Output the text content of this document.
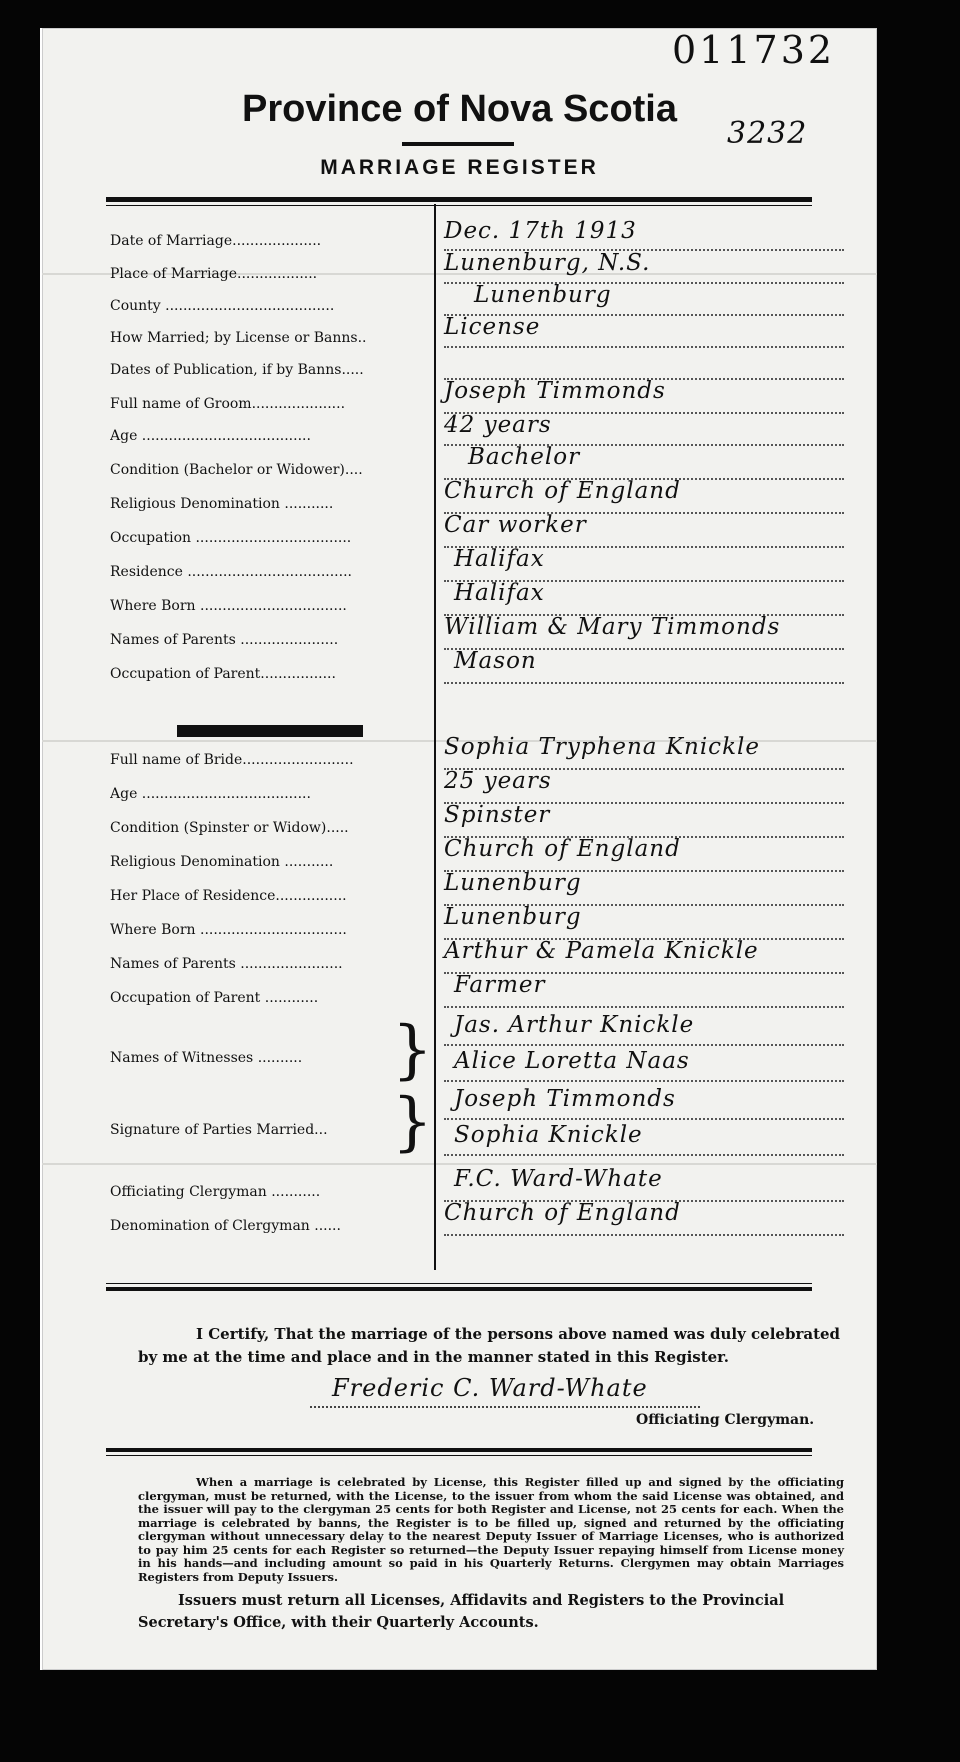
011732
3232
Province of Nova Scotia
MARRIAGE REGISTER
Date of Marriage....................	Dec. 17th 1913
Place of Marriage..................	Lunenburg, N.S.
County ......................................	Lunenburg
How Married; by License or Banns..	License
Dates of Publication, if by Banns.....
Full name of Groom.....................	Joseph Timmonds
Age ......................................	42 years
Condition (Bachelor or Widower)....	Bachelor
Religious Denomination ...........	Church of England
Occupation ...................................	Car worker
Residence .....................................	Halifax
Where Born .................................	Halifax
Names of Parents ......................	William & Mary Timmonds
Occupation of Parent.................	Mason
Full name of Bride.........................	Sophia Tryphena Knickle
Age ......................................	25 years
Condition (Spinster or Widow).....	Spinster
Religious Denomination ...........	Church of England
Her Place of Residence................	Lunenburg
Where Born .................................	Lunenburg
Names of Parents .......................	Arthur & Pamela Knickle
Occupation of Parent ............	Farmer
Names of Witnesses ..........	} Jas. Arthur Knickle
Alice Loretta Naas
Signature of Parties Married...	} Joseph Timmonds
Sophia Knickle
Officiating Clergyman ...........	F.C. Ward-Whate
Denomination of Clergyman ......	Church of England
I Certify, That the marriage of the persons above named was duly celebrated by me at the time and place and in the manner stated in this Register.
Frederic C. Ward-Whate
Officiating Clergyman.
When a marriage is celebrated by License, this Register filled up and signed by the officiating clergyman, must be returned, with the License, to the issuer from whom the said License was obtained, and the issuer will pay to the clergyman 25 cents for both Register and License, not 25 cents for each. When the marriage is celebrated by banns, the Register is to be filled up, signed and returned by the officiating clergyman without unnecessary delay to the nearest Deputy Issuer of Marriage Licenses, who is authorized to pay him 25 cents for each Register so returned—the Deputy Issuer repaying himself from License money in his hands—and including amount so paid in his Quarterly Returns. Clergymen may obtain Marriages Registers from Deputy Issuers.
Issuers must return all Licenses, Affidavits and Registers to the Provincial Secretary's Office, with their Quarterly Accounts.
